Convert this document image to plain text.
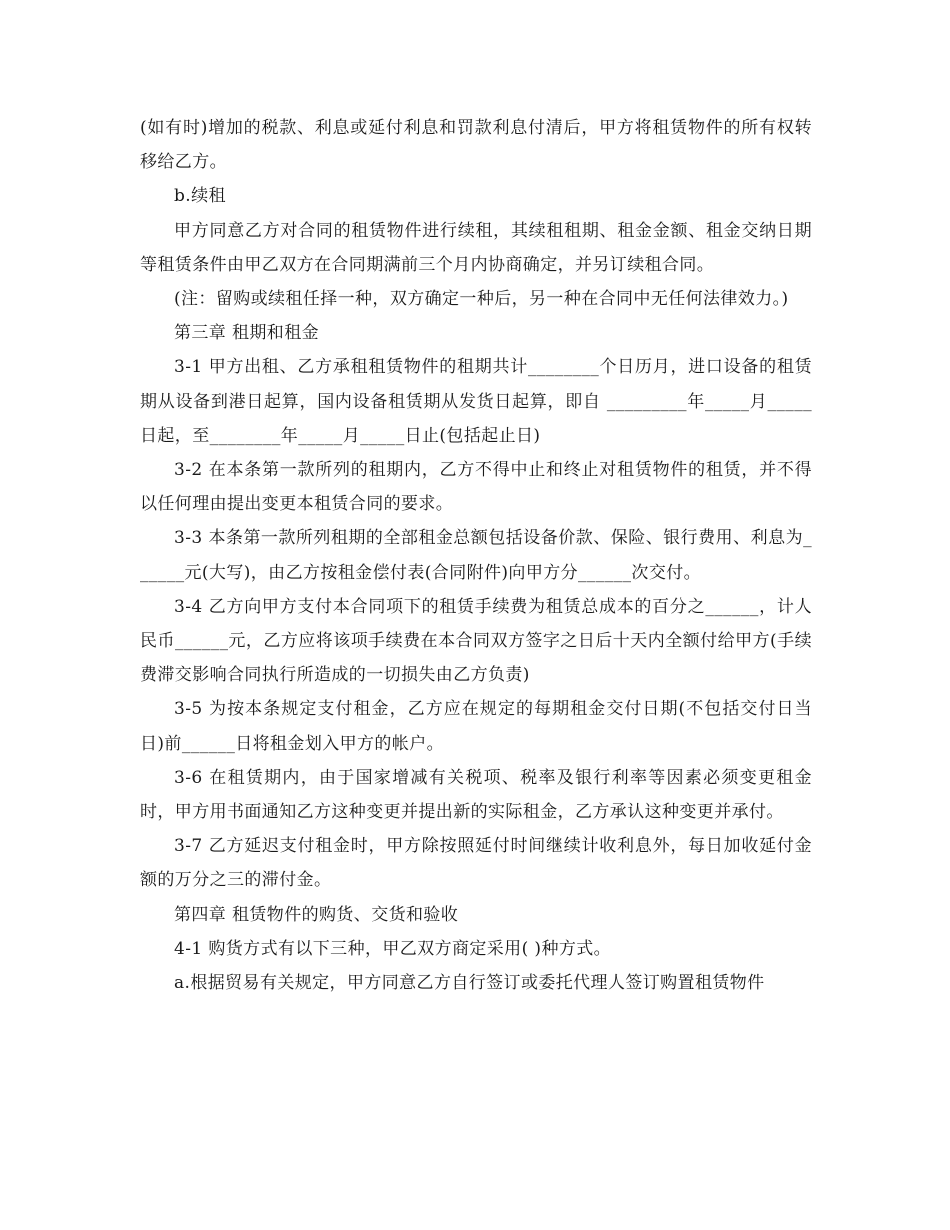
(如有时)增加的税款、利息或延付利息和罚款利息付清后，甲方将租赁物件的所有权转移给乙方。

b.续租

甲方同意乙方对合同的租赁物件进行续租，其续租租期、租金金额、租金交纳日期等租赁条件由甲乙双方在合同期满前三个月内协商确定，并另订续租合同。

(注：留购或续租任择一种，双方确定一种后，另一种在合同中无任何法律效力。)

第三章 租期和租金

3-1 甲方出租、乙方承租租赁物件的租期共计________个日历月，进口设备的租赁期从设备到港日起算，国内设备租赁期从发货日起算，即自 _________年_____月_____日起，至________年_____月_____日止(包括起止日)

3-2 在本条第一款所列的租期内，乙方不得中止和终止对租赁物件的租赁，并不得以任何理由提出变更本租赁合同的要求。

3-3 本条第一款所列租期的全部租金总额包括设备价款、保险、银行费用、利息为______元(大写)，由乙方按租金偿付表(合同附件)向甲方分______次交付。

3-4 乙方向甲方支付本合同项下的租赁手续费为租赁总成本的百分之______，计人民币______元，乙方应将该项手续费在本合同双方签字之日后十天内全额付给甲方(手续费滞交影响合同执行所造成的一切损失由乙方负责)

3-5 为按本条规定支付租金，乙方应在规定的每期租金交付日期(不包括交付日当日)前______日将租金划入甲方的帐户。

3-6 在租赁期内，由于国家增减有关税项、税率及银行利率等因素必须变更租金时，甲方用书面通知乙方这种变更并提出新的实际租金，乙方承认这种变更并承付。

3-7 乙方延迟支付租金时，甲方除按照延付时间继续计收利息外，每日加收延付金额的万分之三的滞付金。

第四章 租赁物件的购货、交货和验收

4-1 购货方式有以下三种，甲乙双方商定采用( )种方式。

a.根据贸易有关规定，甲方同意乙方自行签订或委托代理人签订购置租赁物件
